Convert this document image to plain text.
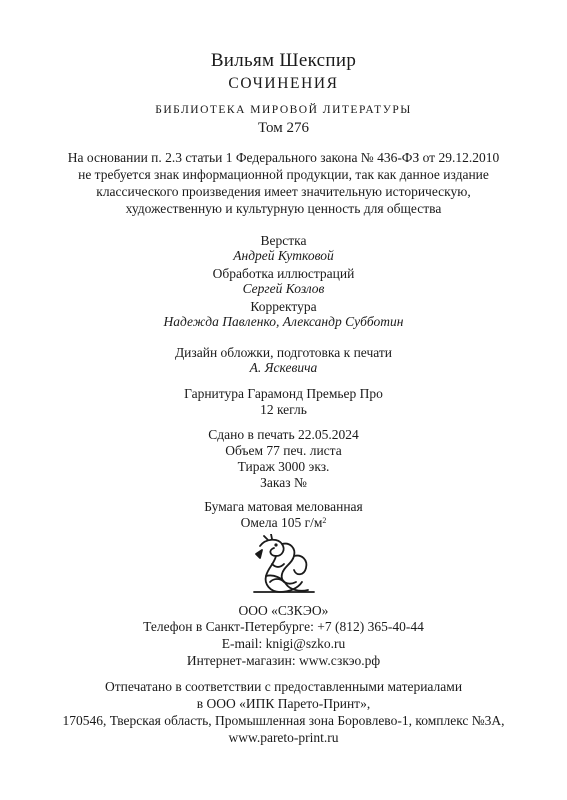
Вильям Шекспир
СОЧИНЕНИЯ
БИБЛИОТЕКА МИРОВОЙ ЛИТЕРАТУРЫ
Том 276
На основании п. 2.3 статьи 1 Федерального закона № 436-ФЗ от 29.12.2010
не требуется знак информационной продукции, так как данное издание
классического произведения имеет значительную историческую,
художественную и культурную ценность для общества
Верстка
Андрей Кутковой
Обработка иллюстраций
Сергей Козлов
Корректура
Надежда Павленко, Александр Субботин
Дизайн обложки, подготовка к печати
А. Яскевича
Гарнитура Гарамонд Премьер Про
12 кегль
Сдано в печать 22.05.2024
Объем 77 печ. листа
Тираж 3000 экз.
Заказ №
Бумага матовая мелованная
Омела 105 $г/м^2$
ООО «СЗКЭО»
Телефон в Санкт-Петербурге: +7 (812) 365-40-44
E-mail: knigi@szko.ru
Интернет-магазин: www.сзкэо.рф
Отпечатано в соответствии с предоставленными материалами
в ООО «ИПК Парето-Принт»,
170546, Тверская область, Промышленная зона Боровлево-1, комплекс №3А,
www.pareto-print.ru
